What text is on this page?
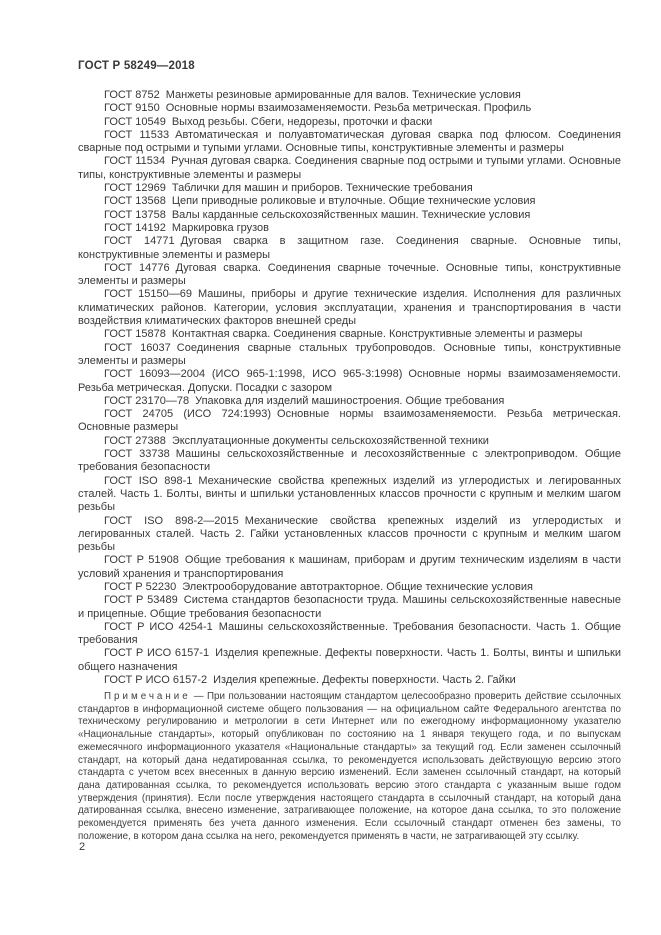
ГОСТ Р 58249—2018

ГОСТ 8752 Манжеты резиновые армированные для валов. Технические условия

ГОСТ 9150 Основные нормы взаимозаменяемости. Резьба метрическая. Профиль

ГОСТ 10549 Выход резьбы. Сбеги, недорезы, проточки и фаски

ГОСТ 11533 Автоматическая и полуавтоматическая дуговая сварка под флюсом. Соединения сварные под острыми и тупыми углами. Основные типы, конструктивные элементы и размеры

ГОСТ 11534 Ручная дуговая сварка. Соединения сварные под острыми и тупыми углами. Основные типы, конструктивные элементы и размеры

ГОСТ 12969 Таблички для машин и приборов. Технические требования

ГОСТ 13568 Цепи приводные роликовые и втулочные. Общие технические условия

ГОСТ 13758 Валы карданные сельскохозяйственных машин. Технические условия

ГОСТ 14192 Маркировка грузов

ГОСТ 14771 Дуговая сварка в защитном газе. Соединения сварные. Основные типы, конструктивные элементы и размеры

ГОСТ 14776 Дуговая сварка. Соединения сварные точечные. Основные типы, конструктивные элементы и размеры

ГОСТ 15150—69 Машины, приборы и другие технические изделия. Исполнения для различных климатических районов. Категории, условия эксплуатации, хранения и транспортирования в части воздействия климатических факторов внешней среды

ГОСТ 15878 Контактная сварка. Соединения сварные. Конструктивные элементы и размеры

ГОСТ 16037 Соединения сварные стальных трубопроводов. Основные типы, конструктивные элементы и размеры

ГОСТ 16093—2004 (ИСО 965-1:1998, ИСО 965-3:1998) Основные нормы взаимозаменяемости. Резьба метрическая. Допуски. Посадки с зазором

ГОСТ 23170—78 Упаковка для изделий машиностроения. Общие требования

ГОСТ 24705 (ИСО 724:1993) Основные нормы взаимозаменяемости. Резьба метрическая. Основные размеры

ГОСТ 27388 Эксплуатационные документы сельскохозяйственной техники

ГОСТ 33738 Машины сельскохозяйственные и лесохозяйственные с электроприводом. Общие требования безопасности

ГОСТ ISO 898-1 Механические свойства крепежных изделий из углеродистых и легированных сталей. Часть 1. Болты, винты и шпильки установленных классов прочности с крупным и мелким шагом резьбы

ГОСТ ISO 898-2—2015 Механические свойства крепежных изделий из углеродистых и легированных сталей. Часть 2. Гайки установленных классов прочности с крупным и мелким шагом резьбы

ГОСТ Р 51908 Общие требования к машинам, приборам и другим техническим изделиям в части условий хранения и транспортирования

ГОСТ Р 52230 Электрооборудование автотракторное. Общие технические условия

ГОСТ Р 53489 Система стандартов безопасности труда. Машины сельскохозяйственные навесные и прицепные. Общие требования безопасности

ГОСТ Р ИСО 4254-1 Машины сельскохозяйственные. Требования безопасности. Часть 1. Общие требования

ГОСТ Р ИСО 6157-1 Изделия крепежные. Дефекты поверхности. Часть 1. Болты, винты и шпильки общего назначения

ГОСТ Р ИСО 6157-2 Изделия крепежные. Дефекты поверхности. Часть 2. Гайки

Примечание — При пользовании настоящим стандартом целесообразно проверить действие ссылочных стандартов в информационной системе общего пользования — на официальном сайте Федерального агентства по техническому регулированию и метрологии в сети Интернет или по ежегодному информационному указателю «Национальные стандарты», который опубликован по состоянию на 1 января текущего года, и по выпускам ежемесячного информационного указателя «Национальные стандарты» за текущий год. Если заменен ссылочный стандарт, на который дана недатированная ссылка, то рекомендуется использовать действующую версию этого стандарта с учетом всех внесенных в данную версию изменений. Если заменен ссылочный стандарт, на который дана датированная ссылка, то рекомендуется использовать версию этого стандарта с указанным выше годом утверждения (принятия). Если после утверждения настоящего стандарта в ссылочный стандарт, на который дана датированная ссылка, внесено изменение, затрагивающее положение, на которое дана ссылка, то это положение рекомендуется применять без учета данного изменения. Если ссылочный стандарт отменен без замены, то положение, в котором дана ссылка на него, рекомендуется применять в части, не затрагивающей эту ссылку.
2
